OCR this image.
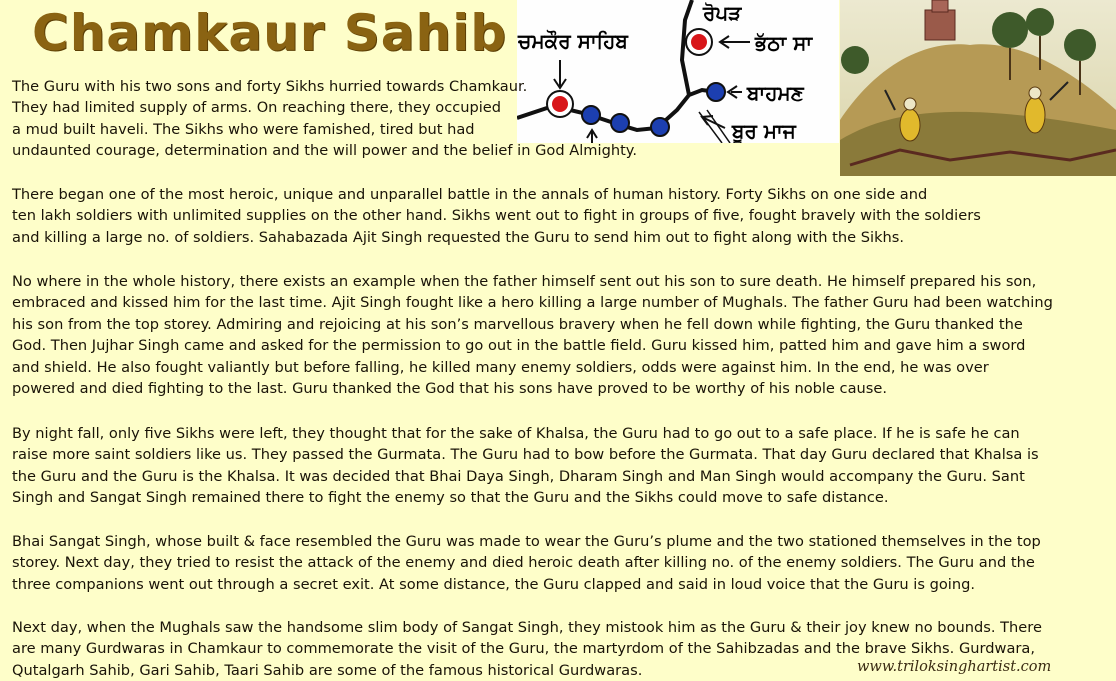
Chamkaur Sahib ਚਮਕੌਰ ਸਾਹਿਬ
ਰੋਪੜ
ਭੱਠਾ ਸਾ
ਬਾਹਮਣ
ਬੂਰ ਮਾਜ
The Guru with his two sons and forty Sikhs hurried towards Chamkaur.
They had limited supply of arms. On reaching there, they occupied
a mud built haveli. The Sikhs who were famished, tired but had
undaunted courage, determination and the will power and the belief in God Almighty.
There began one of the most heroic, unique and unparallel battle in the annals of human history. Forty Sikhs on one side and
ten lakh soldiers with unlimited supplies on the other hand. Sikhs went out to fight in groups of five, fought bravely with the soldiers
and killing a large no. of soldiers. Sahabazada Ajit Singh requested the Guru to send him out to fight along with the Sikhs.
No where in the whole history, there exists an example when the father himself sent out his son to sure death. He himself prepared his son,
embraced and kissed him for the last time. Ajit Singh fought like a hero killing a large number of Mughals. The father Guru had been watching
his son from the top storey. Admiring and rejoicing at his son’s marvellous bravery when he fell down while fighting, the Guru thanked the
God. Then Jujhar Singh came and asked for the permission to go out in the battle field. Guru kissed him, patted him and gave him a sword
and shield. He also fought valiantly but before falling, he killed many enemy soldiers, odds were against him. In the end, he was over
powered and died fighting to the last. Guru thanked the God that his sons have proved to be worthy of his noble cause.
By night fall, only five Sikhs were left, they thought that for the sake of Khalsa, the Guru had to go out to a safe place. If he is safe he can
raise more saint soldiers like us. They passed the Gurmata. The Guru had to bow before the Gurmata. That day Guru declared that Khalsa is
the Guru and the Guru is the Khalsa. It was decided that Bhai Daya Singh, Dharam Singh and Man Singh would accompany the Guru. Sant
Singh and Sangat Singh remained there to fight the enemy so that the Guru and the Sikhs could move to safe distance.
Bhai Sangat Singh, whose built & face resembled the Guru was made to wear the Guru’s plume and the two stationed themselves in the top
storey. Next day, they tried to resist the attack of the enemy and died heroic death after killing no. of the enemy soldiers. The Guru and the
three companions went out through a secret exit. At some distance, the Guru clapped and said in loud voice that the Guru is going.
Next day, when the Mughals saw the handsome slim body of Sangat Singh, they mistook him as the Guru & their joy knew no bounds. There
are many Gurdwaras in Chamkaur to commemorate the visit of the Guru, the martyrdom of the Sahibzadas and the brave Sikhs. Gurdwara,
Qutalgarh Sahib, Gari Sahib, Taari Sahib are some of the famous historical Gurdwaras.	www.triloksinghartist.com
